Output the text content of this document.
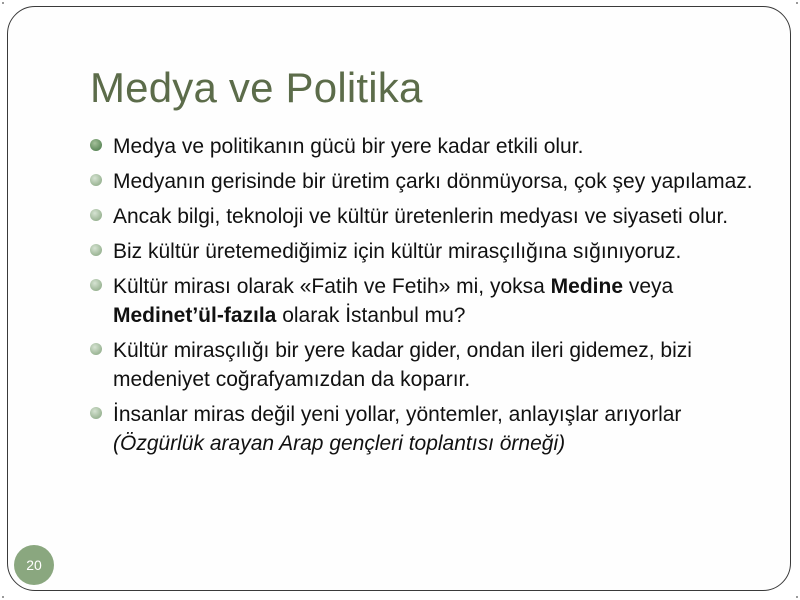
Medya ve Politika
Medya ve politikanın gücü bir yere kadar etkili olur.
Medyanın gerisinde bir üretim çarkı dönmüyorsa, çok şey yapılamaz.
Ancak bilgi, teknoloji ve kültür üretenlerin medyası ve siyaseti olur.
Biz kültür üretemediğimiz için kültür mirasçılığına sığınıyoruz.
Kültür mirası olarak «Fatih ve Fetih» mi, yoksa Medine veya Medinet’ül-fazıla olarak İstanbul mu?
Kültür mirasçılığı bir yere kadar gider, ondan ileri gidemez, bizi medeniyet coğrafyamızdan da koparır.
İnsanlar miras değil yeni yollar, yöntemler, anlayışlar arıyorlar (Özgürlük arayan Arap gençleri toplantısı örneği)
20
